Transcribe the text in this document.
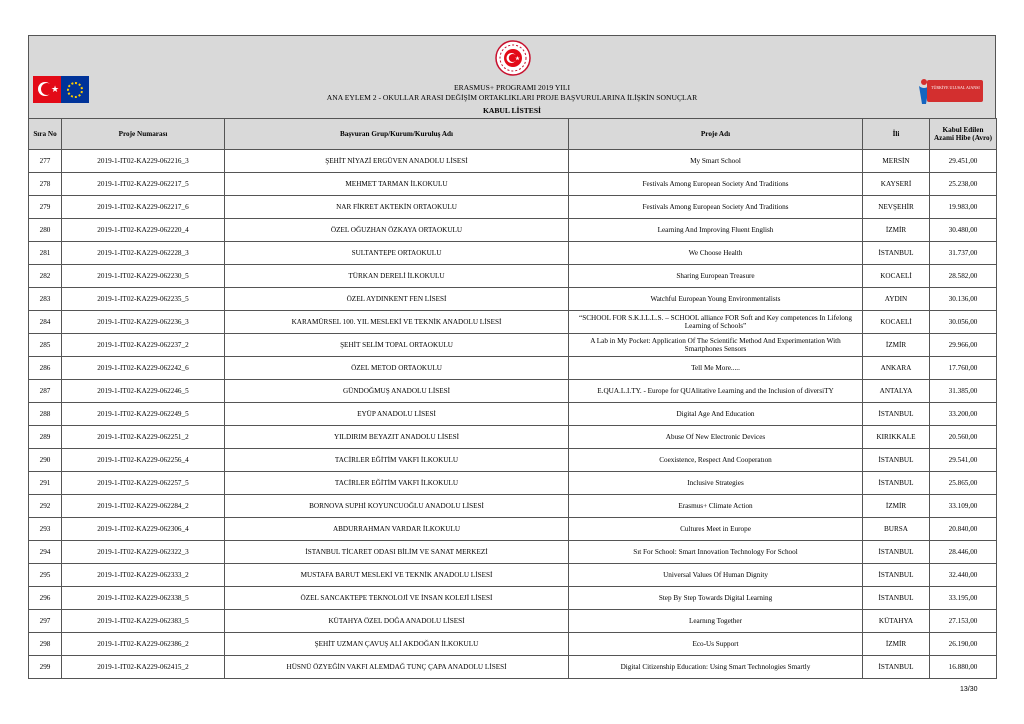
★	ERASMUS+ PROGRAMI 2019 YILI
ANA EYLEM 2 - OKULLAR ARASI DEĞİŞİM ORTAKLIKLARI PROJE BAŞVURULARINA İLİŞKİN SONUÇLAR
KABUL LİSTESİ
TÜRKİYE ULUSAL AJANSI
Sıra No	Proje Numarası	Başvuran Grup/Kurum/Kuruluş Adı	Proje Adı	İli	Kabul Edilen Azami Hibe (Avro)
277	2019-1-IT02-KA229-062216_3	ŞEHİT NİYAZİ ERGÜVEN ANADOLU LİSESİ	My Smart School	MERSİN	29.451,00
278	2019-1-IT02-KA229-062217_5	MEHMET TARMAN İLKOKULU	Festivals Among European Society And Traditions	KAYSERİ	25.238,00
279	2019-1-IT02-KA229-062217_6	NAR FİKRET AKTEKİN ORTAOKULU	Festivals Among European Society And Traditions	NEVŞEHİR	19.983,00
280	2019-1-IT02-KA229-062220_4	ÖZEL OĞUZHAN ÖZKAYA ORTAOKULU	Learning And Improving Fluent English	İZMİR	30.480,00
281	2019-1-IT02-KA229-062228_3	SULTANTEPE ORTAOKULU	We Choose Health	İSTANBUL	31.737,00
282	2019-1-IT02-KA229-062230_5	TÜRKAN DERELİ İLKOKULU	Sharing European Treasure	KOCAELİ	28.582,00
283	2019-1-IT02-KA229-062235_5	ÖZEL AYDINKENT FEN LİSESİ	Watchful European Young Environmentalists	AYDIN	30.136,00
284	2019-1-IT02-KA229-062236_3	KARAMÜRSEL 100. YIL MESLEKİ VE TEKNİK ANADOLU LİSESİ	“SCHOOL FOR S.K.I.L.L.S. – SCHOOL alliance FOR Soft and Key competences In Lifelong Learning of Schools”	KOCAELİ	30.056,00
285	2019-1-IT02-KA229-062237_2	ŞEHİT SELİM TOPAL ORTAOKULU	A Lab in My Pocket: Application Of The Scientific Method And Experimentation With Smartphones Sensors	İZMİR	29.966,00
286	2019-1-IT02-KA229-062242_6	ÖZEL METOD ORTAOKULU	Tell Me More.....	ANKARA	17.760,00
287	2019-1-IT02-KA229-062246_5	GÜNDOĞMUŞ ANADOLU LİSESİ	E.QUA.L.I.TY. - Europe for QUAlitative Learning and the Inclusion of diversiTY	ANTALYA	31.385,00
288	2019-1-IT02-KA229-062249_5	EYÜP ANADOLU LİSESİ	Digital Age And Education	İSTANBUL	33.200,00
289	2019-1-IT02-KA229-062251_2	YILDIRIM BEYAZIT ANADOLU LİSESİ	Abuse Of New Electronic Devices	KIRIKKALE	20.560,00
290	2019-1-IT02-KA229-062256_4	TACİRLER EĞİTİM VAKFI İLKOKULU	Coexistence, Respect And Cooperatıon	İSTANBUL	29.541,00
291	2019-1-IT02-KA229-062257_5	TACİRLER EĞİTİM VAKFI İLKOKULU	Inclusive Strategies	İSTANBUL	25.865,00
292	2019-1-IT02-KA229-062284_2	BORNOVA SUPHİ KOYUNCUOĞLU ANADOLU LİSESİ	Erasmus+ Climate Action	İZMİR	33.109,00
293	2019-1-IT02-KA229-062306_4	ABDURRAHMAN VARDAR İLKOKULU	Cultures Meet in Europe	BURSA	20.840,00
294	2019-1-IT02-KA229-062322_3	İSTANBUL TİCARET ODASI BİLİM VE SANAT MERKEZİ	Sıt For School: Smart Innovation Technology For School	İSTANBUL	28.446,00
295	2019-1-IT02-KA229-062333_2	MUSTAFA BARUT MESLEKİ VE TEKNİK ANADOLU LİSESİ	Universal Values Of Human Dignity	İSTANBUL	32.440,00
296	2019-1-IT02-KA229-062338_5	ÖZEL SANCAKTEPE TEKNOLOJİ VE İNSAN KOLEJİ LİSESİ	Step By Step Towards Digital Learning	İSTANBUL	33.195,00
297	2019-1-IT02-KA229-062383_5	KÜTAHYA ÖZEL DOĞA ANADOLU LİSESİ	Learnıng Together	KÜTAHYA	27.153,00
298	2019-1-IT02-KA229-062386_2	ŞEHİT UZMAN ÇAVUŞ ALİ AKDOĞAN İLKOKULU	Eco-Us Support	İZMİR	26.190,00
299	2019-1-IT02-KA229-062415_2	HÜSNÜ ÖZYEĞİN VAKFI ALEMDAĞ TUNÇ ÇAPA ANADOLU LİSESİ	Digital Citizenship Education: Using Smart Technologies Smartly	İSTANBUL	16.880,00
13/30
